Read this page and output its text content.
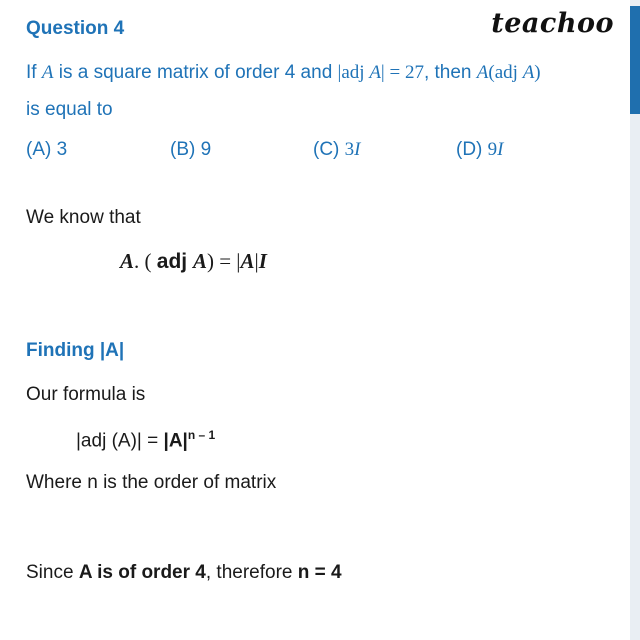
Question 4	teachoo
If A is a square matrix of order 4 and |adj A| = 27, then A(adj A)
is equal to
(A) 3	(B) 9	(C) 3I	(D) 9I
We know that
A. ( adj A) = |A|I
Finding |A|
Our formula is
|adj $(A)| = |A|^{n - 1}$
Where n is the order of matrix
Since A is of order 4, therefore n = 4
